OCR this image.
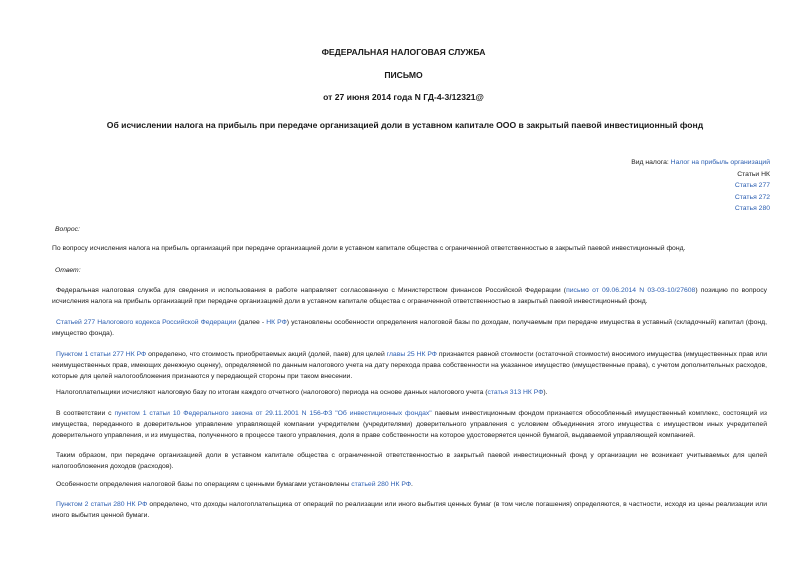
ФЕДЕРАЛЬНАЯ НАЛОГОВАЯ СЛУЖБА
ПИСЬМО
от 27 июня 2014 года N ГД-4-3/12321@
Об исчислении налога на прибыль при передаче организацией доли в уставном капитале ООО в закрытый паевой инвестиционный фонд
Вид налога: Налог на прибыль организаций
Статьи НК
Статья 277
Статья 272
Статья 280
Вопрос:
По вопросу исчисления налога на прибыль организаций при передаче организацией доли в уставном капитале общества с ограниченной ответственностью в закрытый паевой инвестиционный фонд.
Ответ:
Федеральная налоговая служба для сведения и использования в работе направляет согласованную с Министерством финансов Российской Федерации (письмо от 09.06.2014 N 03-03-10/27608) позицию по вопросу исчисления налога на прибыль организаций при передаче организацией доли в уставном капитале общества с ограниченной ответственностью в закрытый паевой инвестиционный фонд.
Статьей 277 Налогового кодекса Российской Федерации (далее - НК РФ) установлены особенности определения налоговой базы по доходам, получаемым при передаче имущества в уставный (складочный) капитал (фонд, имущество фонда).
Пунктом 1 статьи 277 НК РФ определено, что стоимость приобретаемых акций (долей, паев) для целей главы 25 НК РФ признается равной стоимости (остаточной стоимости) вносимого имущества (имущественных прав или неимущественных прав, имеющих денежную оценку), определяемой по данным налогового учета на дату перехода права собственности на указанное имущество (имущественные права), с учетом дополнительных расходов, которые для целей налогообложения признаются у передающей стороны при таком внесении.
Налогоплательщики исчисляют налоговую базу по итогам каждого отчетного (налогового) периода на основе данных налогового учета (статья 313 НК РФ).
В соответствии с пунктом 1 статьи 10 Федерального закона от 29.11.2001 N 156-ФЗ "Об инвестиционных фондах" паевым инвестиционным фондом признается обособленный имущественный комплекс, состоящий из имущества, переданного в доверительное управление управляющей компании учредителем (учредителями) доверительного управления с условием объединения этого имущества с имуществом иных учредителей доверительного управления, и из имущества, полученного в процессе такого управления, доля в праве собственности на которое удостоверяется ценной бумагой, выдаваемой управляющей компанией.
Таким образом, при передаче организацией доли в уставном капитале общества с ограниченной ответственностью в закрытый паевой инвестиционный фонд у организации не возникает учитываемых для целей налогообложения доходов (расходов).
Особенности определения налоговой базы по операциям с ценными бумагами установлены статьей 280 НК РФ.
Пунктом 2 статьи 280 НК РФ определено, что доходы налогоплательщика от операций по реализации или иного выбытия ценных бумаг (в том числе погашения) определяются, в частности, исходя из цены реализации или иного выбытия ценной бумаги.
